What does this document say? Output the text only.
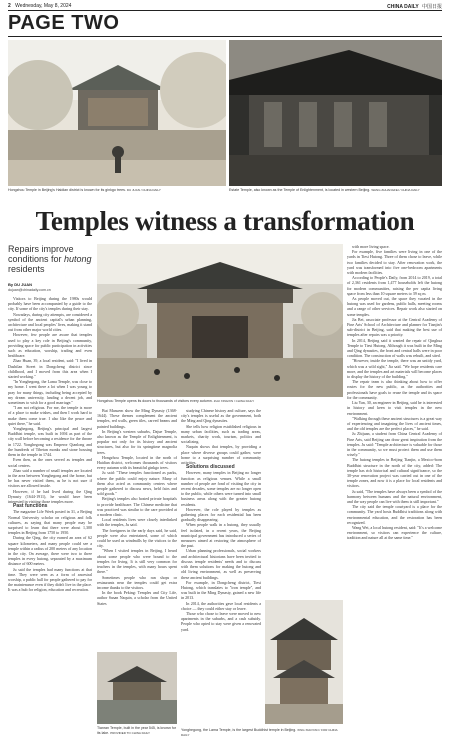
2 Wednesday, May 8, 2024	CHINA DAILY 中国日报
PAGE TWO
Hongzhou Temple in Beijing's Haidian district is known for its ginkgo trees. DU JUAN / CHINA DAILY	Estate Temple, also known as the Temple of Enlightenment, is located in western Beijing. WANG ZHUANGFEI / CHINA DAILY
Temples witness a transformation
Repairs improve conditions for hutong residents
By DU JUAN
dujuan@chinadaily.com.cn

Visitors to Beijing during the 1980s would probably have been accompanied by a guide to the city. If some of the city's temples during their stay.

Nowadays, during city attempts, are considered a symbol of the ancient capital's urban planning, architecture and local peoples' lives, making it stand out from other major world cities.

However, few people are aware that temples used to play a key role in Beijing's community, providing space for public participation in activities such as education, worship, trading and even healthcare.

Zhao Huan, 39, a local resident, said: "I lived in Dashilan Street in Dongcheng district since childhood, and I moved from this area when I started working."

"In Yonghegong, the Lama Temple, was close to my home. I went there a lot when I was young to pray for many things, including being accepted by my dream university, landing a decent job, and sometimes to wish for a good marriage."

"I am not religious. For me, the temple is more of a place to make wishes, and then I work hard to make them come true. I also like the peace and quiet there," he said.

Yonghegong, Beijing's principal and largest Buddhist temple, was built in 1694 as part of the city wall before becoming a residence for the throne in 1722. Yonghegong was Emperor Qianlong and the hundreds of Tibetan monks and stone housing them in the temple in 1744.

Even then, as the ones served as temples and social centers.

Zhao said a number of small temples are located in the area between Yonghegong and the home, but he has never visited them, as he is not sure if visitors are allowed inside.

However, if he had lived during the Qing Dynasty (1644-1911), he would have been interested in visiting those temples more.

Past functions

The magazine Life Week posted in 31, a Beijing Normal University scholar on religious and folk cultures, as saying that many people may be surprised to learn that there were about 1,300 temples in Beijing from 1750 to 1950.

During the Qing, the city earned an area of 62 square kilometers, and many people could see a temple within a radius of 200 meters of any location in the city. On average, there were two to three temples in every hutong, separated by a maximum distance of 600 meters.

Ju said the temples had many functions at that time. They were seen as a form of ancestral worship, a public hall for people gathered to pay for the maintenance even if they didn't live in the place. It was a hub for religion, education and recreation.

Hongzhou Temple opens its doors to thousands of visitors every autumn. ZHU XINGXIN / CHINA DAILY

But Musuem show the Ming Dynasty (1368-1644). These themes complement the ancient temples, red walls, green tiles, carved beams and painted buildings.

In Beijing's western suburbs, Dajue Temple, also known as the Temple of Enlightenment, is popular not only for its history and ancient structures, but also for its springtime magnolia trees.

Hongzhou Temple, located in the north of Haidian district, welcomes thousands of visitors every autumn with its beautiful ginkgo trees.

Ju said: "These temples functioned as parks, where the public could enjoy nature. Many of them also acted as community centers where people gathered to discuss news, held fairs and sold goods."

Beijing's temples also hosted private hospitals to provide healthcare. The Chinese medicine that was practiced was similar to the care provided at a modern clinic.

Local residents lives were closely interlinked with the temples, Ju said.

The foreigners in the early days said, he said, people were also entertained, some of which could be used as windmills by the visitors to the city.

"When I visited temples in Beijing, I heard about some people who were bound to the temples for living. It is still very common for teachers in the temples, with many hours spent there."

Sometimes people who ran shops or restaurants near the temples could get extra income thanks to the visitors.

In the book Peking: Temples and City Life, author Susan Naquin, a scholar from the United States

studying Chinese history and culture, says the city's temples is useful as the government, both the Ming and Qing dynasties.

She tells how religion established religious in many urban facilities, such as trading areas, markets, charity work, tourism, politics and socializing.

Naquin shows that temples, by providing a place where diverse groups could gather, were home to a surprising number of community activities.

Solutions discussed

However, many temples in Beijing no longer function as religious venues. While a small number of people are fond of visiting the city in recent decades, some temples are no longer open to the public, while others were turned into small business areas along with the greater hutong residents.

However, the role played by temples as gathering places for each residential has been gradually disappearing.

When people walk in a hutong, they usually feel isolated, in a recent years, the Beijing municipal government has introduced a series of measures aimed at restoring the atmosphere of the past.

Urban planning professionals, social workers and architectural historians have been invited to discuss temple residents' needs and to discuss with them solutions for making the hutong and old living environment, as well as preserving these ancient buildings.

For example, in Dongcheng district, Tiesi Hutong, which translates to "iron temple", and was built in the Ming Dynasty, gained a new life in 2013.

In 2014, the authorities gave local residents a choice — they could either stay or leave.

Those who chose to leave were moved to new apartments in the suburbs, and a cash subsidy. People who opted to stay were given a renovated yard.

with more living space.

For example, five families were living in one of the yards in Tiesi Hutong. Three of them chose to leave, while two families decided to stay. After renovation work, the yard was transformed into five one-bedroom apartments with modern facilities.

According to People's Daily, from 2014 to 2019, a total of 2,361 residents from 1,477 households left the hutong for modern communities, raising the per capita living space from less than 10 square meters to 39 sq m.

As people moved out, the space they vacated in the hutong was used for gardens, public halls, meeting rooms and a range of other services. Repair work also started on some temples.

Jia Bei, associate professor at the Central Academy of Fine Arts' School of Architecture and planner for Tianjin's sub-district in Beijing, said that making the best use of temples after repairs was a priority.

In 2014, Beijing said it wanted the repair of Qinghua Temple to Tiesi Hutong. Although it was built in the Ming and Qing dynasties, the front and central halls were in poor condition. The construction of walls was rebuilt, and sited.

"However, inside the temple, there was an untidy yard, which was a wild sight," Jia said. "We hope residents care more, and the temples and art materials will become places to display the history of the building."

The repair team is also thinking about how to offer routes for the new public, as the authorities and professionals have goals to reuse the temple and its space for the community.

Liu Yan, 30, an engineer in Beijing, said he is interested in history and keen to visit temples in the new environment.

"Walking through these ancient structures is a great way of experiencing and imagining the lives of ancient times, and the old temples are the perfect places," he said.

Ju Zhijuan, a student from China Central Academy of Fine Arts, said Beijing can draw great inspiration from the temples. Ju said: "Temple architecture is valuable for those in the community, so we must protect them and use them wisely."

The hutong temples in Beijing Tianjin, a Mexico-born Buddhist structure in the north of the city, added: The temple has rich historical and cultural significance, so the 30-year renovation project was carried out in one of the temple zones, and now it is a place for local residents and visitors.

Ju said, "The temples have always been a symbol of the harmony between humans and the natural environment, and the way people can live with them is still important."

The city said the temple courtyard is a place for the community. The yard hosts Buddhist traditions along with environmental education, and the restoration has been recognized.

Wang Wei, a local hutong resident, said: "It's a welcome environment, so visitors can experience the culture, tradition and nature all at the same time."

Tianran Temple, built in the year 545, is known for its lake. PROVIDED TO CHINA DAILY
Yonghegong, the Lama Temple, is the largest Buddhist temple in Beijing. XING XIAOYAN / FOR CHINA DAILY
